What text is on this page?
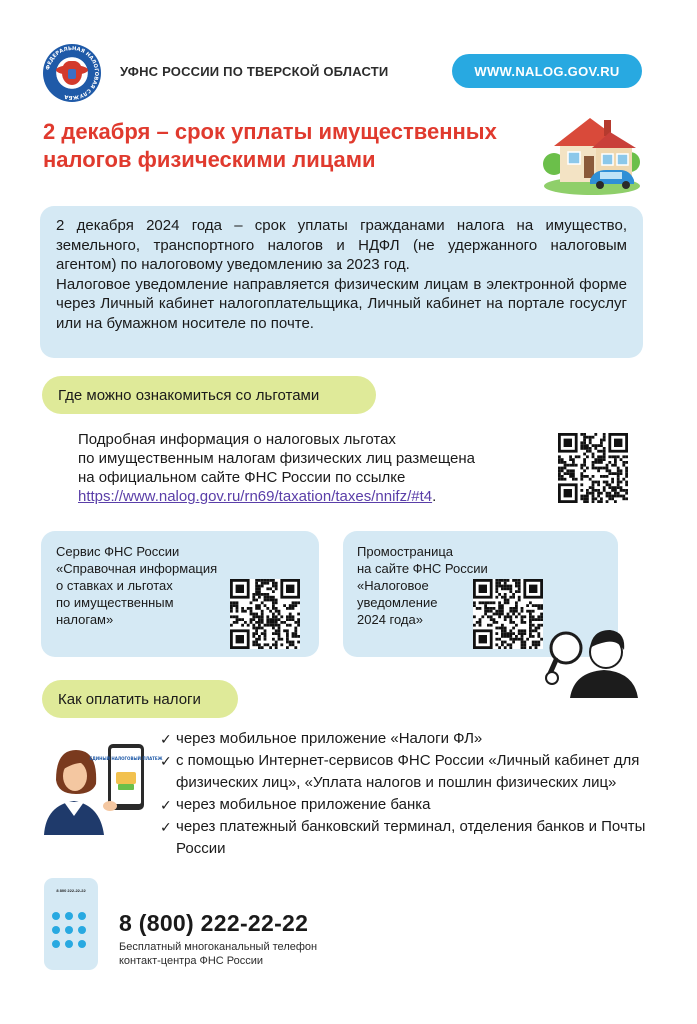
ФЕДЕРАЛЬНАЯ НАЛОГОВАЯ СЛУЖБА
УФНС РОССИИ ПО ТВЕРСКОЙ ОБЛАСТИ	WWW.NALOG.GOV.RU
2 декабря – срок уплаты имущественных
налогов физическими лицами

2 декабря 2024 года – срок уплаты гражданами налога на имущество, земельного, транспортного налогов и НДФЛ (не удержанного налоговым агентом) по налоговому уведомлению за 2023 год.

Налоговое уведомление направляется физическим лицам в электронной форме через Личный кабинет налогоплательщика, Личный кабинет на портале госуслуг или на бумажном носителе по почте.

Где можно ознакомиться со льготами
Подробная информация о налоговых льготах
по имущественным налогам физических лиц размещена
на официальном сайте ФНС России по ссылке
https://www.nalog.gov.ru/rn69/taxation/taxes/nnifz/#t4.
Сервис ФНС России
«Справочная информация
о ставках и льготах
по имущественным
налогам»
Промостраница
на сайте ФНС России
«Налоговое
уведомление
2024 года»
Как оплатить налоги
ЕДИНЫЙ НАЛОГОВЫЙ ПЛАТЕЖ
✓ через мобильное приложение «Налоги ФЛ»
✓ с помощью Интернет-сервисов ФНС России «Личный кабинет для физических лиц», «Уплата налогов и пошлин физических лиц»
✓ через мобильное приложение банка
✓ через платежный банковский терминал, отделения банков и Почты России
8 800 222-22-22
8 (800) 222-22-22
Бесплатный многоканальный телефон
контакт-центра ФНС России
